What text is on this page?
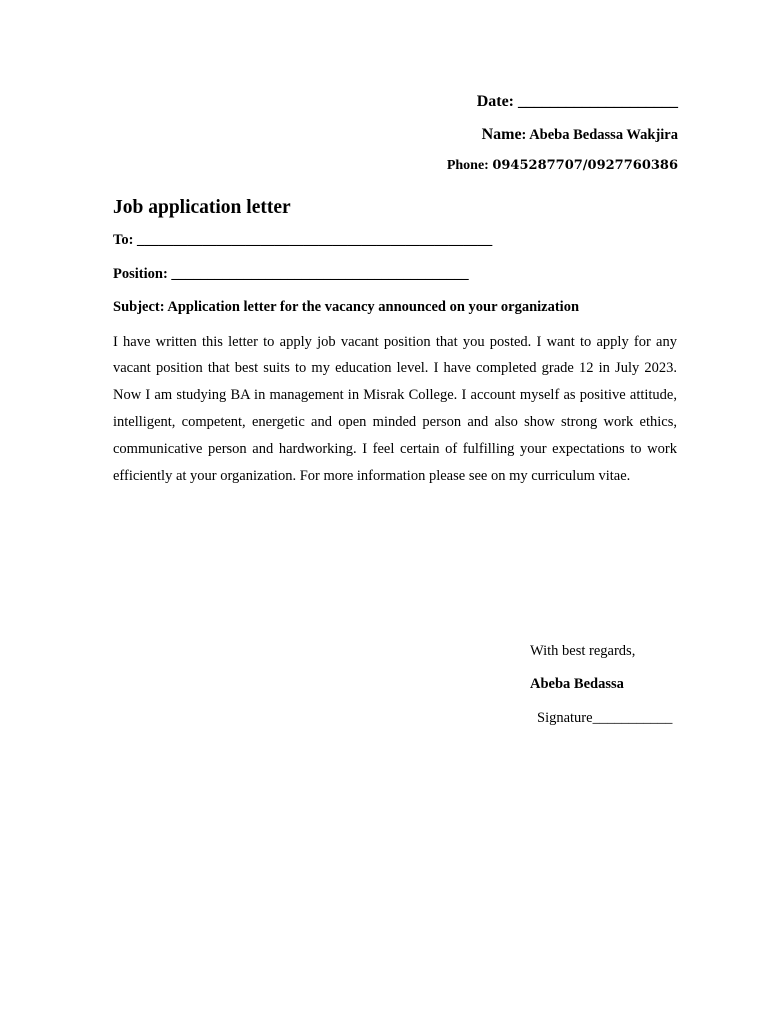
Date: ____________________
Name: Abeba Bedassa Wakjira
Phone: 0945287707/0927760386
Job application letter
To: _________________________________________________
Position: _________________________________________
Subject: Application letter for the vacancy announced on your organization

I have written this letter to apply job vacant position that you posted. I want to apply for any vacant position that best suits to my education level. I have completed grade 12 in July 2023. Now I am studying BA in management in Misrak College. I account myself as positive attitude, intelligent, competent, energetic and open minded person and also show strong work ethics, communicative person and hardworking. I feel certain of fulfilling your expectations to work efficiently at your organization. For more information please see on my curriculum vitae.

With best regards,
Abeba Bedassa
Signature___________
